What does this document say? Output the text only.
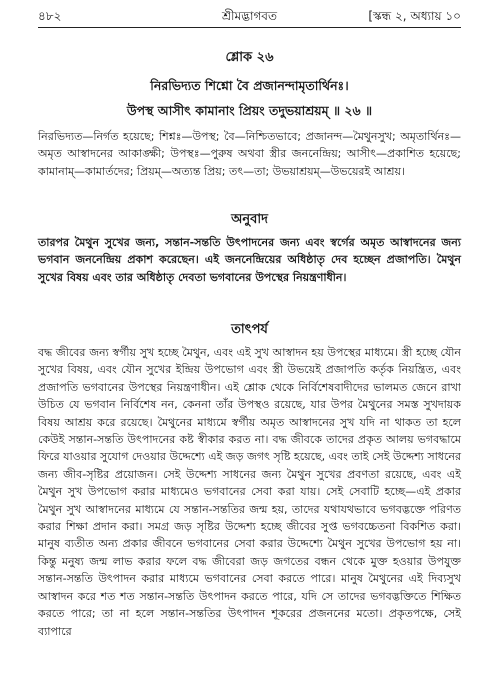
৪৮২	শ্রীমদ্ভাগবত	[স্কন্ধ ২, অধ্যায় ১০
শ্লোক ২৬
নিরভিদ্যত শিশ্নো বৈ প্রজানন্দামৃতার্থিনঃ।
উপস্থ আসীৎ কামানাং প্রিয়ং তদুভয়াশ্রয়ম্ ॥ ২৬ ॥
নিরভিদ্যত—নির্গত হয়েছে; শিশ্নঃ—উপস্থ; বৈ—নিশ্চিতভাবে; প্রজানন্দ—মৈথুনসুখ; অমৃতার্থিনঃ—অমৃত আস্বাদনের আকাঙ্ক্ষী; উপস্থঃ—পুরুষ অথবা স্ত্রীর জননেন্দ্রিয়; আসীৎ—প্রকাশিত হয়েছে; কামানাম্—কামার্তদের; প্রিয়ম্—অত্যন্ত প্রিয়; তৎ—তা; উভয়াশ্রয়ম্—উভয়েরই আশ্রয়।
অনুবাদ
তারপর মৈথুন সুখের জন্য, সন্তান-সন্ততি উৎপাদনের জন্য এবং স্বর্গের অমৃত আস্বাদনের জন্য ভগবান জননেন্দ্রিয় প্রকাশ করেছেন। এই জননেন্দ্রিয়ের অধিষ্ঠাতৃ দেব হচ্ছেন প্রজাপতি। মৈথুন সুখের বিষয় এবং তার অধিষ্ঠাতৃ দেবতা ভগবানের উপস্থের নিয়ন্ত্রণাধীন।
তাৎপর্য
বদ্ধ জীবের জন্য স্বর্গীয় সুখ হচ্ছে মৈথুন, এবং এই সুখ আস্বাদন হয় উপস্থের মাধ্যমে। স্ত্রী হচ্ছে যৌন সুখের বিষয়, এবং যৌন সুখের ইন্দ্রিয় উপভোগ এবং স্ত্রী উভয়েই প্রজাপতি কর্তৃক নিয়ন্ত্রিত, এবং প্রজাপতি ভগবানের উপস্থের নিয়ন্ত্রণাধীন। এই শ্লোক থেকে নির্বিশেষবাদীদের ভালমত জেনে রাখা উচিত যে ভগবান নির্বিশেষ নন, কেননা তাঁর উপস্থও রয়েছে, যার উপর মৈথুনের সমস্ত সুখদায়ক বিষয় আশ্রয় করে রয়েছে। মৈথুনের মাধ্যমে স্বর্গীয় অমৃত আস্বাদনের সুখ যদি না থাকত তা হলে কেউই সন্তান-সন্ততি উৎপাদনের কষ্ট স্বীকার করত না। বদ্ধ জীবকে তাদের প্রকৃত আলয় ভগবদ্ধামে ফিরে যাওয়ার সুযোগ দেওয়ার উদ্দেশ্যে এই জড় জগৎ সৃষ্টি হয়েছে, এবং তাই সেই উদ্দেশ্য সাধনের জন্য জীব-সৃষ্টির প্রয়োজন। সেই উদ্দেশ্য সাধনের জন্য মৈথুন সুখের প্রবণতা রয়েছে, এবং এই মৈথুন সুখ উপভোগ করার মাধ্যমেও ভগবানের সেবা করা যায়। সেই সেবাটি হচ্ছে—এই প্রকার মৈথুন সুখ আস্বাদনের মাধ্যমে যে সন্তান-সন্ততির জন্ম হয়, তাদের যথাযথভাবে ভগবদ্ভক্তে পরিণত করার শিক্ষা প্রদান করা। সমগ্র জড় সৃষ্টির উদ্দেশ্য হচ্ছে জীবের সুপ্ত ভগবচ্চেতনা বিকশিত করা। মানুষ ব্যতীত অন্য প্রকার জীবনে ভগবানের সেবা করার উদ্দেশ্যে মৈথুন সুখের উপভোগ হয় না। কিন্তু মনুষ্য জন্ম লাভ করার ফলে বদ্ধ জীবেরা জড় জগতের বন্ধন থেকে মুক্ত হওয়ার উপযুক্ত সন্তান-সন্ততি উৎপাদন করার মাধ্যমে ভগবানের সেবা করতে পারে। মানুষ মৈথুনের এই দিব্যসুখ আস্বাদন করে শত শত সন্তান-সন্ততি উৎপাদন করতে পারে, যদি সে তাদের ভগবদ্ভক্তিতে শিক্ষিত করতে পারে; তা না হলে সন্তান-সন্ততির উৎপাদন শূকরের প্রজননের মতো। প্রকৃতপক্ষে, সেই ব্যাপারে
